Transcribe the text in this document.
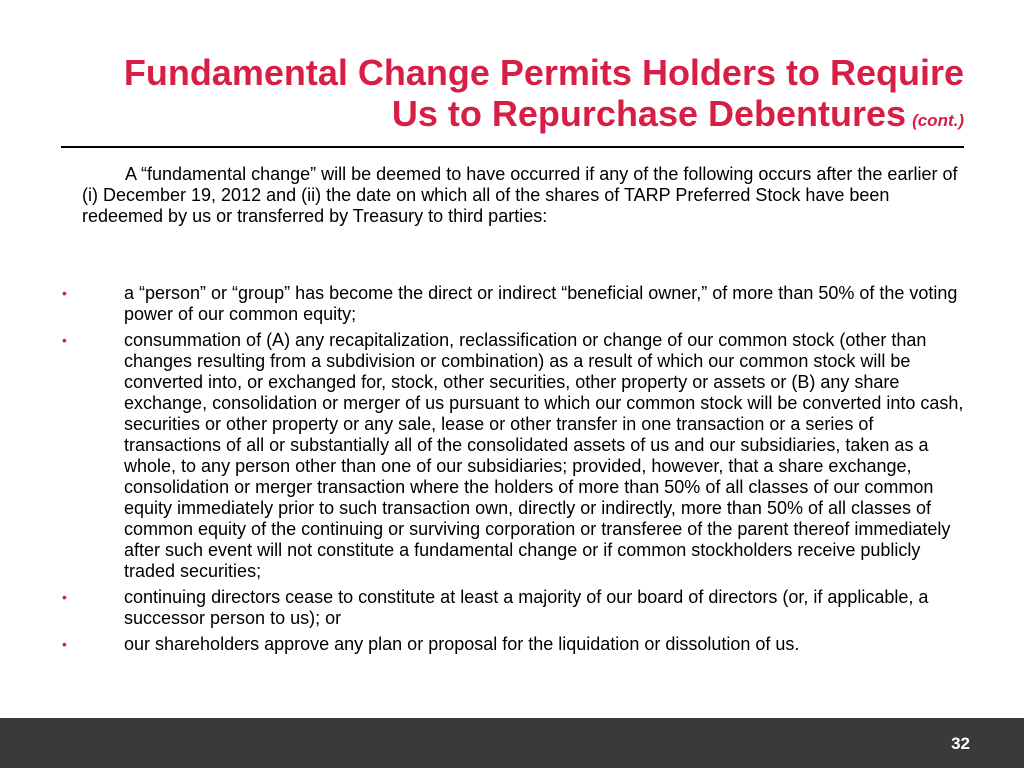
Fundamental Change Permits Holders to Require
Us to Repurchase Debentures (cont.)
A “fundamental change” will be deemed to have occurred if any of the following occurs after the earlier of (i) December 19, 2012 and (ii) the date on which all of the shares of TARP Preferred Stock have been redeemed by us or transferred by Treasury to third parties:
•	a “person” or “group” has become the direct or indirect “beneficial owner,” of more than 50% of the voting power of our common equity;
•	consummation of (A) any recapitalization, reclassification or change of our common stock (other than changes resulting from a subdivision or combination) as a result of which our common stock will be converted into, or exchanged for, stock, other securities, other property or assets or (B) any share exchange, consolidation or merger of us pursuant to which our common stock will be converted into cash, securities or other property or any sale, lease or other transfer in one transaction or a series of transactions of all or substantially all of the consolidated assets of us and our subsidiaries, taken as a whole, to any person other than one of our subsidiaries; provided, however, that a share exchange, consolidation or merger transaction where the holders of more than 50% of all classes of our common equity immediately prior to such transaction own, directly or indirectly, more than 50% of all classes of common equity of the continuing or surviving corporation or transferee of the parent thereof immediately after such event will not constitute a fundamental change or if common stockholders receive publicly traded securities;
•	continuing directors cease to constitute at least a majority of our board of directors (or, if applicable, a successor person to us); or
•	our shareholders approve any plan or proposal for the liquidation or dissolution of us.
32
